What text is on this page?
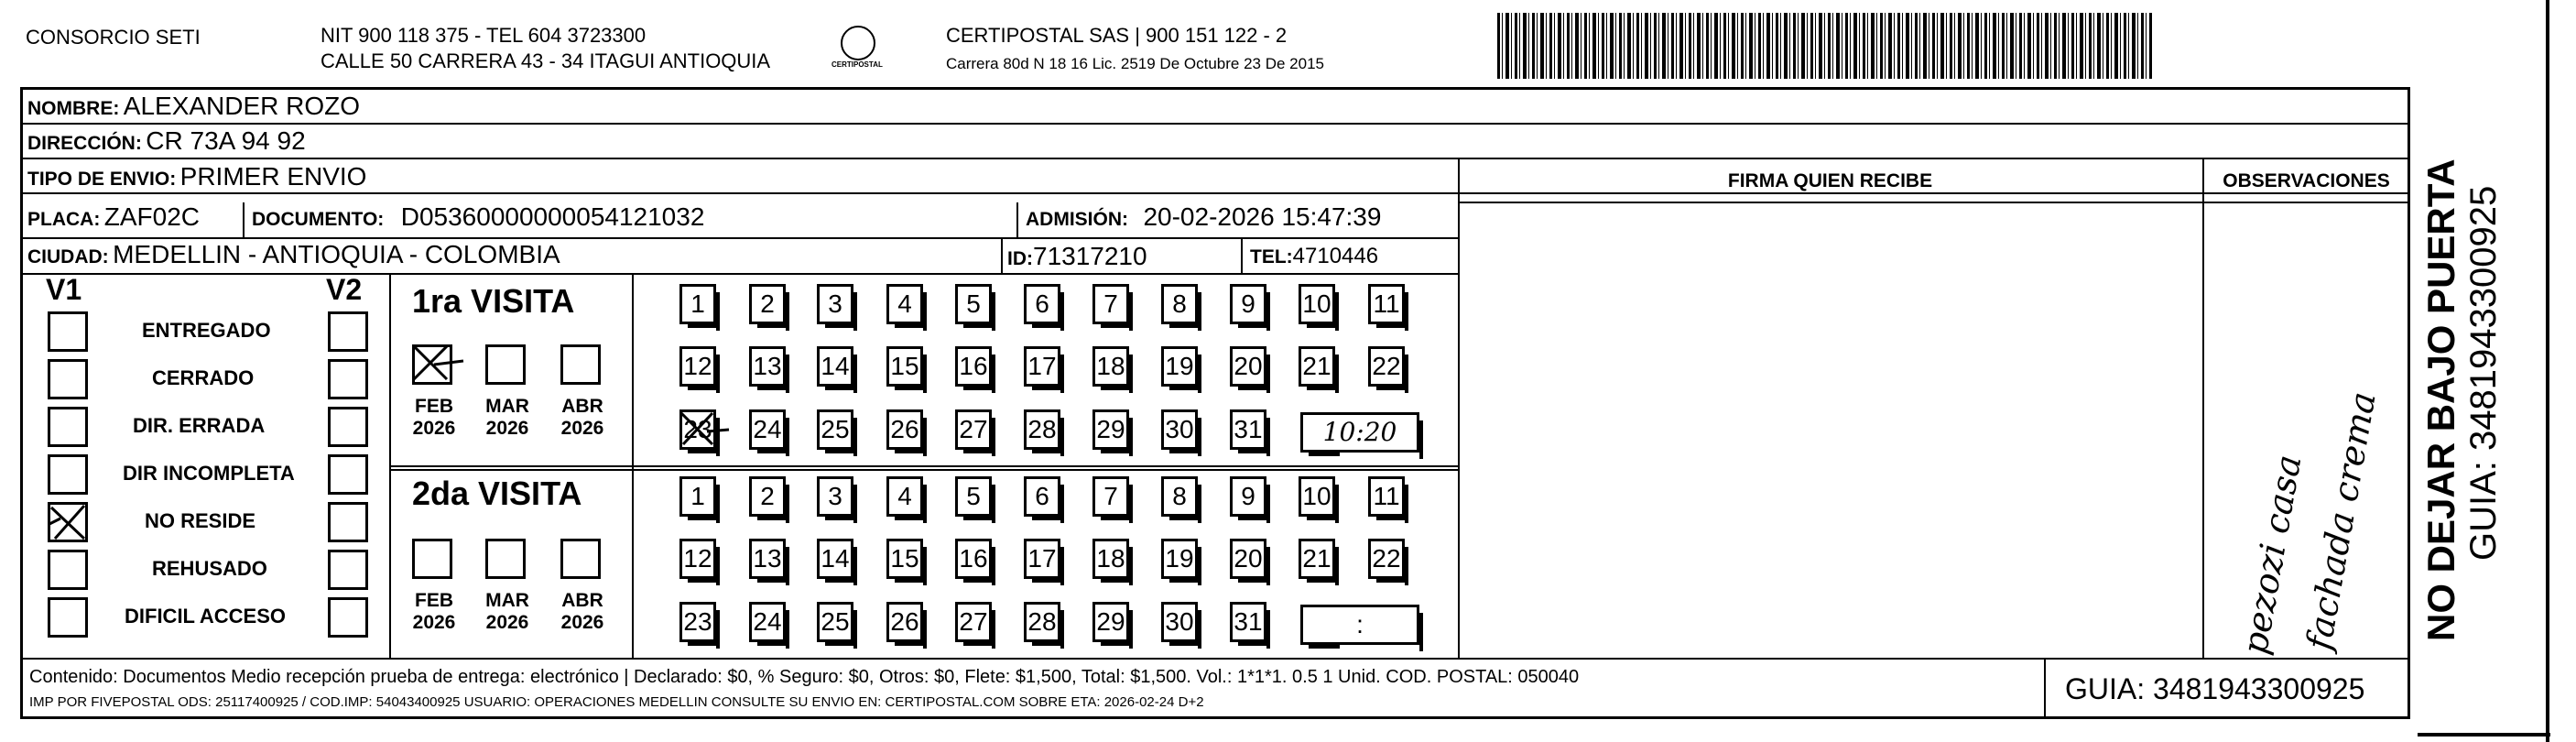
CONSORCIO SETI	NIT 900 118 375 - TEL 604 3723300
CALLE 50 CARRERA 43 - 34 ITAGUI ANTIOQUIA	CERTIPOSTAL
CERTIPOSTAL SAS | 900 151 122 - 2
Carrera 80d N 18 16 Lic. 2519 De Octubre 23 De 2015
NOMBRE: ALEXANDER ROZO
DIRECCIÓN: CR 73A 94 92
TIPO DE ENVIO: PRIMER ENVIO
PLACA: ZAF02C	DOCUMENTO: D05360000000054121032	ADMISIÓN: 20-02-2026 15:47:39
CIUDAD: MEDELLIN - ANTIOQUIA - COLOMBIA	ID:71317210	TEL:4710446
FIRMA QUIEN RECIBE	OBSERVACIONES
V1	V2
ENTREGADO
CERRADO
DIR. ERRADA
DIR INCOMPLETA
NO RESIDE
REHUSADO
DIFICIL ACCESO
1ra VISITA
2da VISITA
FEB
2026
MAR
2026
ABR
2026
FEB
2026
MAR
2026
ABR
2026
1	2	3	4	5	6	7	8	9	10 11
12 13 14 15 16 17 18 19 20 21 22
23 24 25 26 27 28 29 30 31
1	2	3	4	5	6	7	8	9	10 11
12 13 14 15 16 17 18 19 20 21 22
23 24 25 26 27 28 29 30 31
10:20
:	pezozi casa
fachada crema
Contenido: Documentos Medio recepción prueba de entrega: electrónico | Declarado: $0, % Seguro: $0, Otros: $0, Flete: $1,500, Total: $1,500. Vol.: 1*1*1. 0.5 1 Unid. COD. POSTAL: 050040
IMP POR FIVEPOSTAL ODS: 25117400925 / COD.IMP: 54043400925 USUARIO: OPERACIONES MEDELLIN CONSULTE SU ENVIO EN: CERTIPOSTAL.COM SOBRE ETA: 2026-02-24 D+2	GUIA: 3481943300925
NO DEJAR BAJO PUERTA GUIA: 3481943300925
